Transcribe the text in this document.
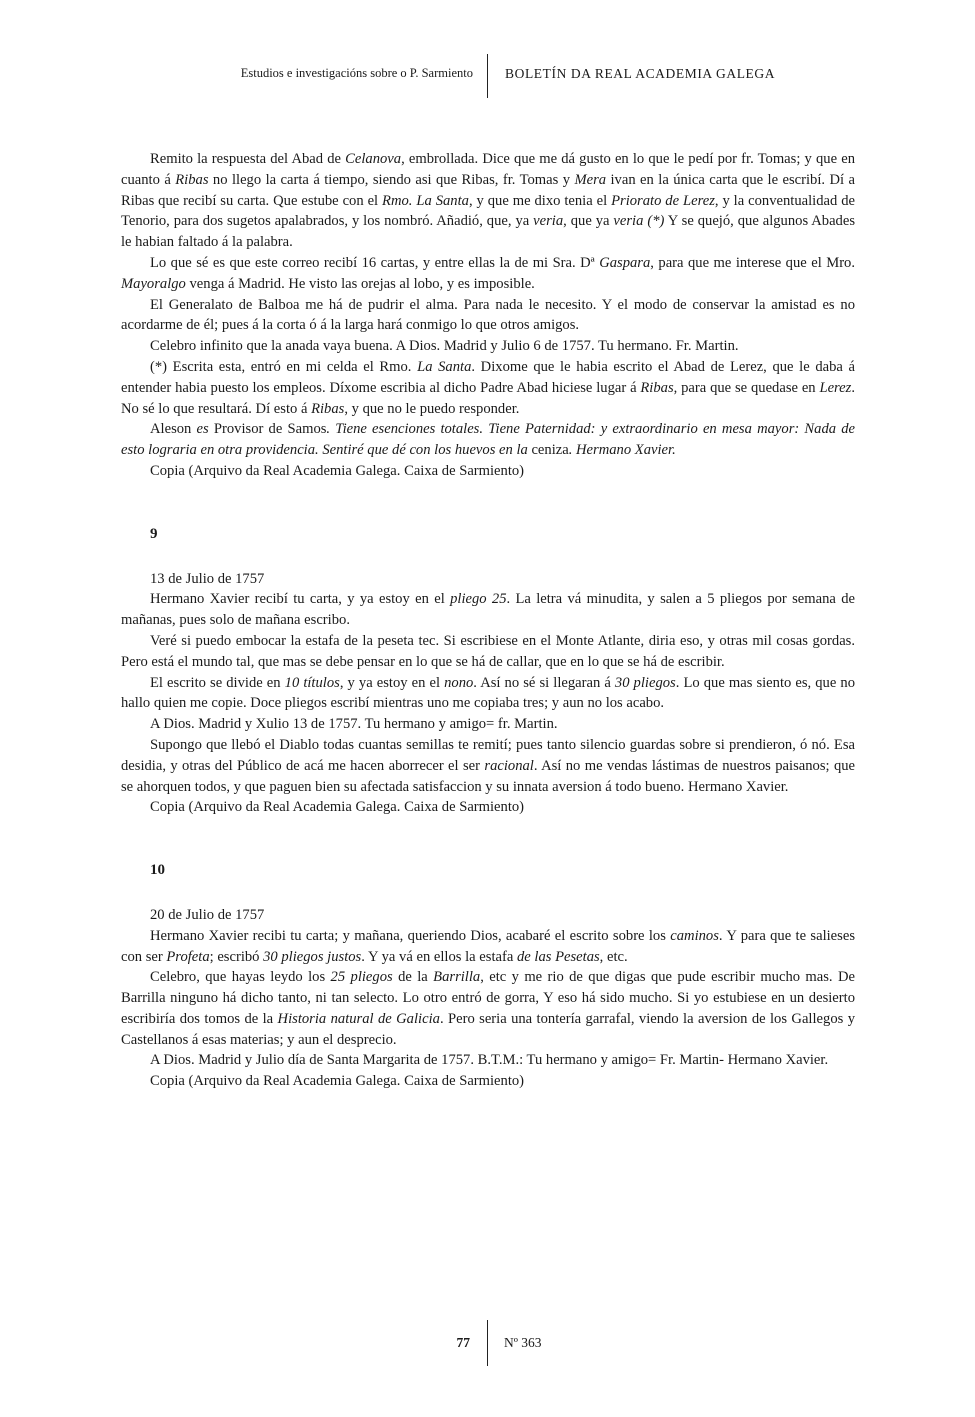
Estudios e investigacións sobre o P. Sarmiento BOLETÍN DA REAL ACADEMIA GALEGA

Remito la respuesta del Abad de Celanova, embrollada. Dice que me dá gusto en lo que le pedí por fr. Tomas; y que en cuanto á Ribas no llego la carta á tiempo, siendo asi que Ribas, fr. Tomas y Mera ivan en la única carta que le escribí. Dí a Ribas que recibí su carta. Que estube con el Rmo. La Santa, y que me dixo tenia el Priorato de Lerez, y la conventualidad de Tenorio, para dos sugetos apalabrados, y los nombró. Añadió, que, ya veria, que ya veria (*) Y se quejó, que algunos Abades le habian faltado á la palabra.

Lo que sé es que este correo recibí 16 cartas, y entre ellas la de mi Sra. Dª Gaspara, para que me interese que el Mro. Mayoralgo venga á Madrid. He visto las orejas al lobo, y es imposible.

El Generalato de Balboa me há de pudrir el alma. Para nada le necesito. Y el modo de conservar la amistad es no acordarme de él; pues á la corta ó á la larga hará conmigo lo que otros amigos.

Celebro infinito que la anada vaya buena. A Dios. Madrid y Julio 6 de 1757. Tu hermano. Fr. Martin.

(*) Escrita esta, entró en mi celda el Rmo. La Santa. Dixome que le habia escrito el Abad de Lerez, que le daba á entender habia puesto los empleos. Díxome escribia al dicho Padre Abad hiciese lugar á Ribas, para que se quedase en Lerez. No sé lo que resultará. Dí esto á Ribas, y que no le puedo responder.

Aleson es Provisor de Samos. Tiene esenciones totales. Tiene Paternidad: y extraordinario en mesa mayor: Nada de esto lograria en otra providencia. Sentiré que dé con los huevos en la ceniza. Hermano Xavier.

Copia (Arquivo da Real Academia Galega. Caixa de Sarmiento)

9

13 de Julio de 1757

Hermano Xavier recibí tu carta, y ya estoy en el pliego 25. La letra vá minudita, y salen a 5 pliegos por semana de mañanas, pues solo de mañana escribo.

Veré si puedo embocar la estafa de la peseta tec. Si escribiese en el Monte Atlante, diria eso, y otras mil cosas gordas. Pero está el mundo tal, que mas se debe pensar en lo que se há de callar, que en lo que se há de escribir.

El escrito se divide en 10 títulos, y ya estoy en el nono. Así no sé si llegaran á 30 pliegos. Lo que mas siento es, que no hallo quien me copie. Doce pliegos escribí mientras uno me copiaba tres; y aun no los acabo.

A Dios. Madrid y Xulio 13 de 1757. Tu hermano y amigo= fr. Martin.

Supongo que llebó el Diablo todas cuantas semillas te remití; pues tanto silencio guardas sobre si prendieron, ó nó. Esa desidia, y otras del Público de acá me hacen aborrecer el ser racional. Así no me vendas lástimas de nuestros paisanos; que se ahorquen todos, y que paguen bien su afectada satisfaccion y su innata aversion á todo bueno. Hermano Xavier.

Copia (Arquivo da Real Academia Galega. Caixa de Sarmiento)

10

20 de Julio de 1757

Hermano Xavier recibi tu carta; y mañana, queriendo Dios, acabaré el escrito sobre los caminos. Y para que te salieses con ser Profeta; escribó 30 pliegos justos. Y ya vá en ellos la estafa de las Pesetas, etc.

Celebro, que hayas leydo los 25 pliegos de la Barrilla, etc y me rio de que digas que pude escribir mucho mas. De Barrilla ninguno há dicho tanto, ni tan selecto. Lo otro entró de gorra, Y eso há sido mucho. Si yo estubiese en un desierto escribiría dos tomos de la Historia natural de Galicia. Pero seria una tontería garrafal, viendo la aversion de los Gallegos y Castellanos á esas materias; y aun el desprecio.

A Dios. Madrid y Julio día de Santa Margarita de 1757. B.T.M.: Tu hermano y amigo= Fr. Martin- Hermano Xavier.

Copia (Arquivo da Real Academia Galega. Caixa de Sarmiento)

77	Nº 363
